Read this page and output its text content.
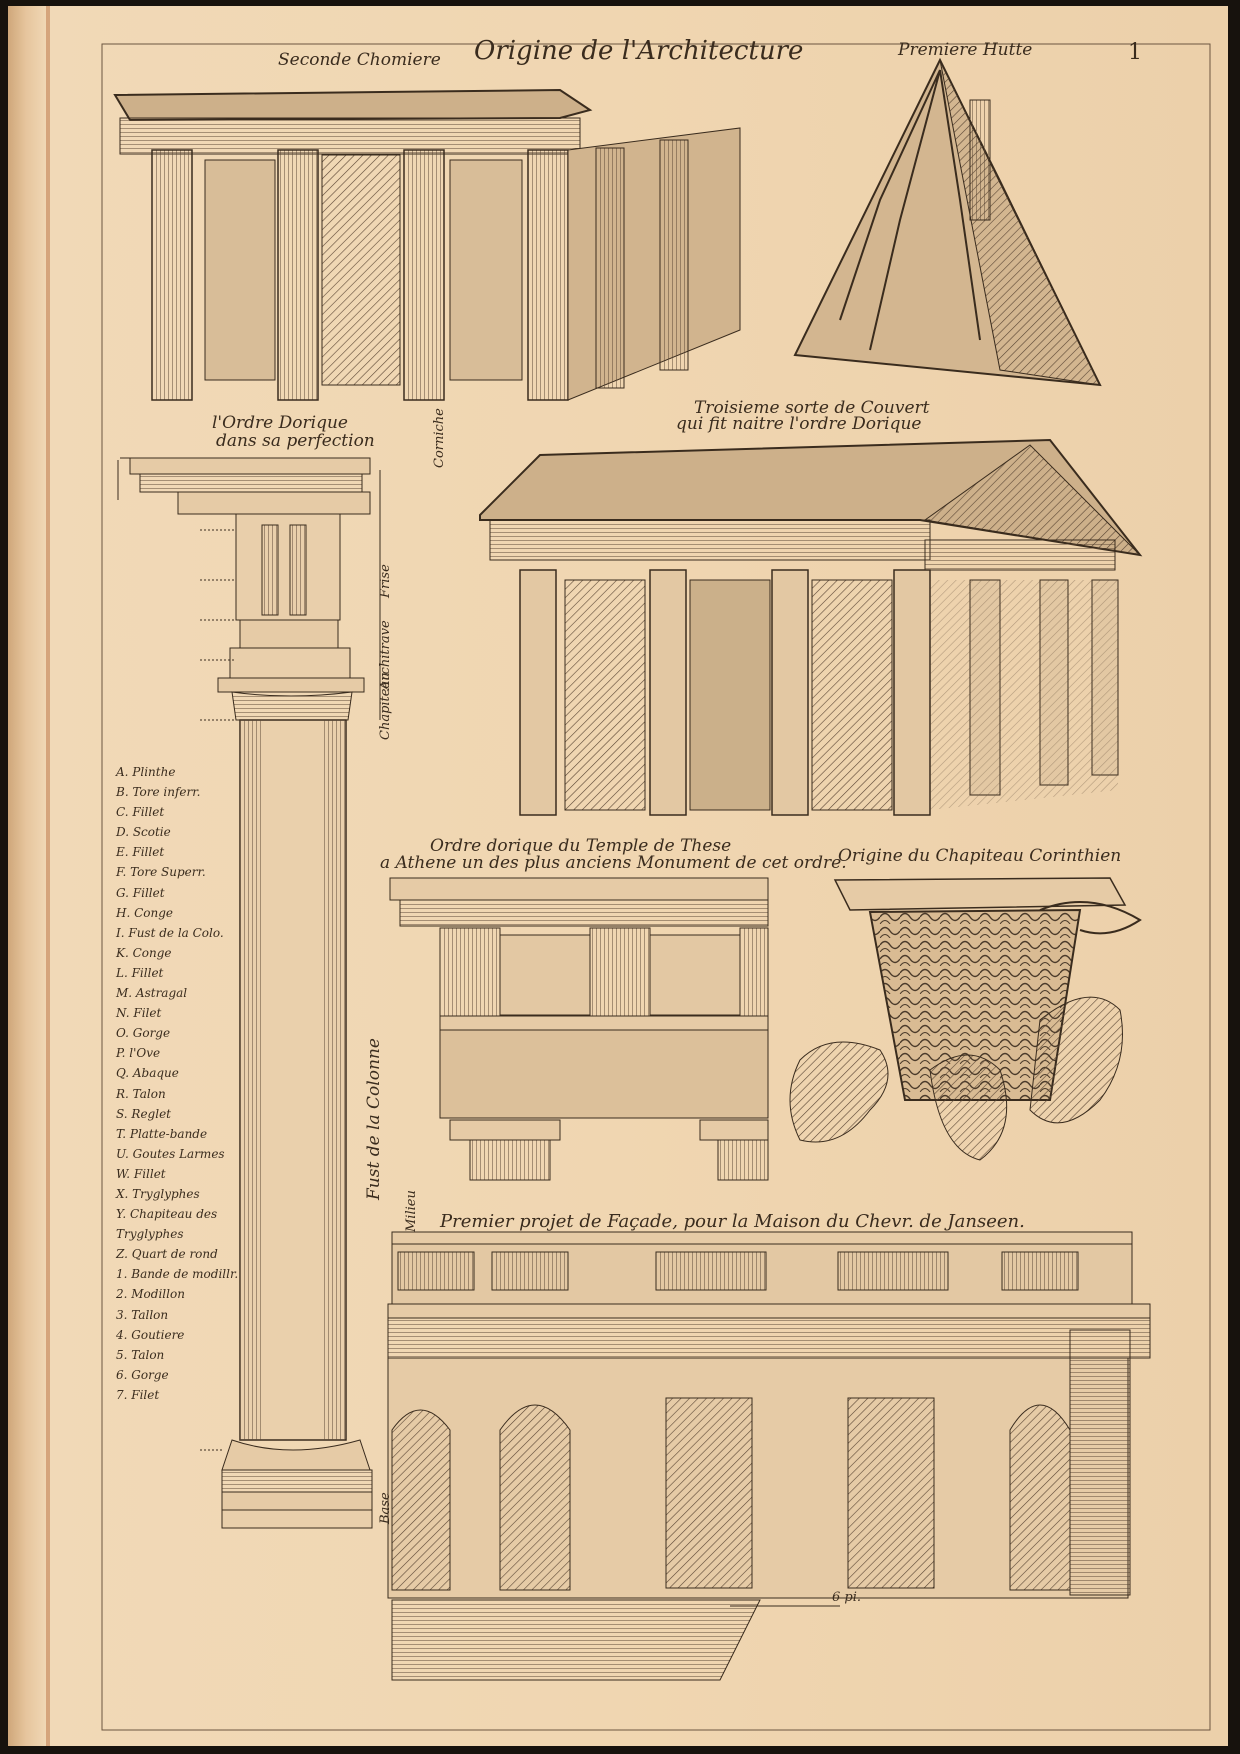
Origine de l'Architecture	1
Seconde Chomiere	Premiere Hutte
l'Ordre Dorique
dans sa perfection
Troisieme sorte de Couvert
qui fit naitre l'ordre Dorique
Ordre dorique du Temple de These
a Athene un des plus anciens Monument de cet ordre.
Origine du Chapiteau Corinthien
Premier projet de Façade, pour la Maison du Chevr. de Janseen.
6 pi.
Corniche
Frise
Architrave
Chapiteau
Fust de la Colonne
Milieu
Base
A. Plinthe
B. Tore inferr.
C. Fillet
D. Scotie
E. Fillet
F. Tore Superr.
G. Fillet
H. Conge
I. Fust de la Colo.
K. Conge
L. Fillet
M. Astragal
N. Filet
O. Gorge
P. l'Ove
Q. Abaque
R. Talon
S. Reglet
T. Platte-bande
U. Goutes Larmes
W. Fillet
X. Tryglyphes
Y. Chapiteau des
Tryglyphes
Z. Quart de rond
1. Bande de modillr.
2. Modillon
3. Tallon
4. Goutiere
5. Talon
6. Gorge
7. Filet
